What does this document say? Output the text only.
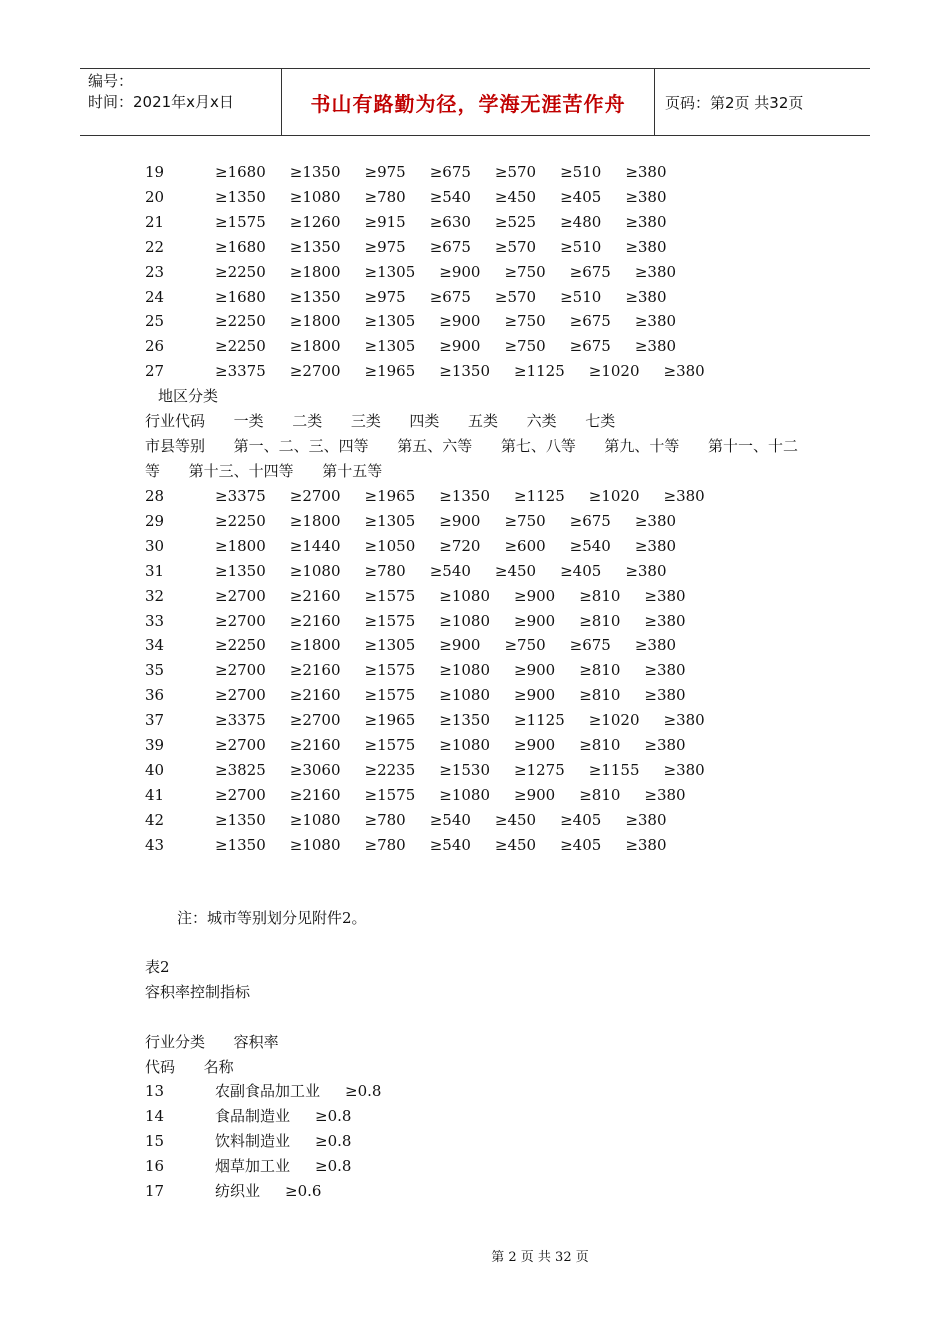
编号：
时间：2021年x月x日	书山有路勤为径，学海无涯苦作舟	页码：第2页 共32页
19	≥1680 ≥1350 ≥975 ≥675 ≥570 ≥510 ≥380
20	≥1350 ≥1080 ≥780 ≥540 ≥450 ≥405 ≥380
21	≥1575 ≥1260 ≥915 ≥630 ≥525 ≥480 ≥380
22	≥1680 ≥1350 ≥975 ≥675 ≥570 ≥510 ≥380
23	≥2250 ≥1800 ≥1305 ≥900 ≥750 ≥675 ≥380
24	≥1680 ≥1350 ≥975 ≥675 ≥570 ≥510 ≥380
25	≥2250 ≥1800 ≥1305 ≥900 ≥750 ≥675 ≥380
26	≥2250 ≥1800 ≥1305 ≥900 ≥750 ≥675 ≥380
27	≥3375 ≥2700 ≥1965 ≥1350 ≥1125 ≥1020 ≥380
地区分类
行业代码      一类      二类      三类      四类      五类      六类      七类
市县等别      第一、二、三、四等      第五、六等      第七、八等      第九、十等      第十一、十二
等      第十三、十四等      第十五等
28	≥3375 ≥2700 ≥1965 ≥1350 ≥1125 ≥1020 ≥380
29	≥2250 ≥1800 ≥1305 ≥900 ≥750 ≥675 ≥380
30	≥1800 ≥1440 ≥1050 ≥720 ≥600 ≥540 ≥380
31	≥1350 ≥1080 ≥780 ≥540 ≥450 ≥405 ≥380
32	≥2700 ≥2160 ≥1575 ≥1080 ≥900 ≥810 ≥380
33	≥2700 ≥2160 ≥1575 ≥1080 ≥900 ≥810 ≥380
34	≥2250 ≥1800 ≥1305 ≥900 ≥750 ≥675 ≥380
35	≥2700 ≥2160 ≥1575 ≥1080 ≥900 ≥810 ≥380
36	≥2700 ≥2160 ≥1575 ≥1080 ≥900 ≥810 ≥380
37	≥3375 ≥2700 ≥1965 ≥1350 ≥1125 ≥1020 ≥380
39	≥2700 ≥2160 ≥1575 ≥1080 ≥900 ≥810 ≥380
40	≥3825 ≥3060 ≥2235 ≥1530 ≥1275 ≥1155 ≥380
41	≥2700 ≥2160 ≥1575 ≥1080 ≥900 ≥810 ≥380
42	≥1350 ≥1080 ≥780 ≥540 ≥450 ≥405 ≥380
43	≥1350 ≥1080 ≥780 ≥540 ≥450 ≥405 ≥380
注：城市等别划分见附件2。
表2
容积率控制指标
行业分类      容积率
代码      名称
13	农副食品加工业 ≥0.8
14	食品制造业 ≥0.8
15	饮料制造业 ≥0.8
16	烟草加工业 ≥0.8
17	纺织业 ≥0.6
第 2 页 共 32 页
